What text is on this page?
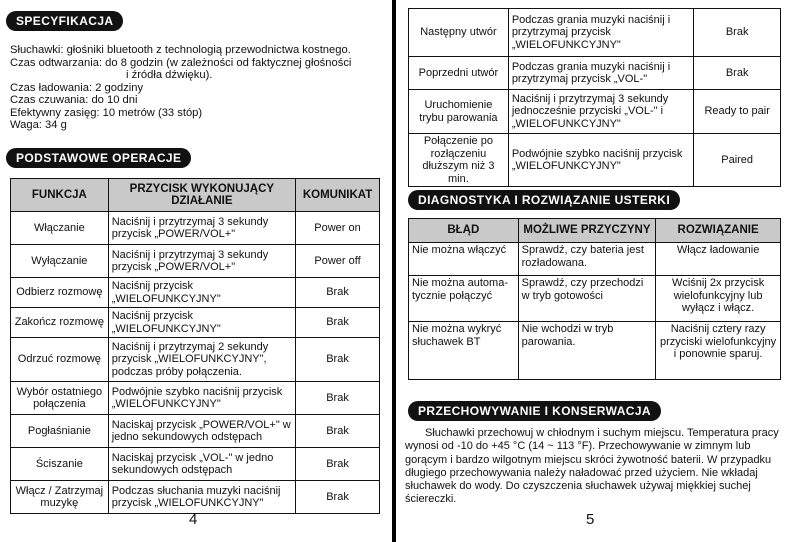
SPECYFIKACJA
Słuchawki: głośniki bluetooth z technologią przewodnictwa kostnego.
Czas odtwarzania: do 8 godzin (w zależności od faktycznej głośności
i źródła dźwięku).
Czas ładowania: 2 godziny
Czas czuwania: do 10 dni
Efektywny zasięg: 10 metrów (33 stóp)
Waga: 34 g
PODSTAWOWE OPERACJE
FUNKCJA	PRZYCISK WYKONUJĄCY DZIAŁANIE	KOMUNIKAT
Włączanie	Naciśnij i przytrzymaj 3 sekundy przycisk „POWER/VOL+"	Power on
Wyłączanie	Naciśnij i przytrzymaj 3 sekundy przycisk „POWER/VOL+"	Power off
Odbierz rozmowę	Naciśnij przycisk „WIELOFUNKCYJNY"	Brak
Zakończ rozmowę	Naciśnij przycisk „WIELOFUNKCYJNY"	Brak
Odrzuć rozmowę	Naciśnij i przytrzymaj 2 sekundy przycisk „WIELOFUNKCYJNY", podczas próby połączenia.	Brak
Wybór ostatniego połączenia	Podwójnie szybko naciśnij przycisk „WIELOFUNKCYJNY"	Brak
Pogłaśnianie	Naciskaj przycisk „POWER/VOL+" w jedno sekundowych odstępach	Brak
Ściszanie	Naciskaj przycisk „VOL-" w jedno sekundowych odstępach	Brak
Włącz / Zatrzymaj muzykę	Podczas słuchania muzyki naciśnij przycisk „WIELOFUNKCYJNY"	Brak
4
Następny utwór	Podczas grania muzyki naciśnij i przytrzymaj przycisk „WIELOFUNKCYJNY"	Brak
Poprzedni utwór	Podczas grania muzyki naciśnij i przytrzymaj przycisk „VOL-"	Brak
Uruchomienie trybu parowania	Naciśnij i przytrzymaj 3 sekundy jednocześnie przyciski „VOL-" i „WIELOFUNKCYJNY"	Ready to pair
Połączenie po rozłączeniu dłuższym niż 3 min.	Podwójnie szybko naciśnij przycisk „WIELOFUNKCYJNY"	Paired
DIAGNOSTYKA I ROZWIĄZANIE USTERKI
BŁĄD	MOŻLIWE PRZYCZYNY	ROZWIĄZANIE
Nie można włączyć	Sprawdź, czy bateria jest rozładowana.	Włącz ładowanie
Nie można automa-tycznie połączyć	Sprawdź, czy przechodzi w tryb gotowości	Wciśnij 2x przycisk wielofunkcyjny lub wyłącz i włącz.
Nie można wykryć słuchawek BT	Nie wchodzi w tryb parowania.	Naciśnij cztery razy przyciski wielofunkcyjny i ponownie sparuj.
PRZECHOWYWANIE I KONSERWACJA
Słuchawki przechowuj w chłodnym i suchym miejscu. Temperatura pracy wynosi od -10 do +45 °C (14 ~ 113 °F). Przechowywanie w zimnym lub gorącym i bardzo wilgotnym miejscu skróci żywotność baterii. W przypadku długiego przechowywania należy naładować przed użyciem. Nie wkładaj słuchawek do wody. Do czyszczenia słuchawek używaj miękkiej suchej ściereczki.
5
